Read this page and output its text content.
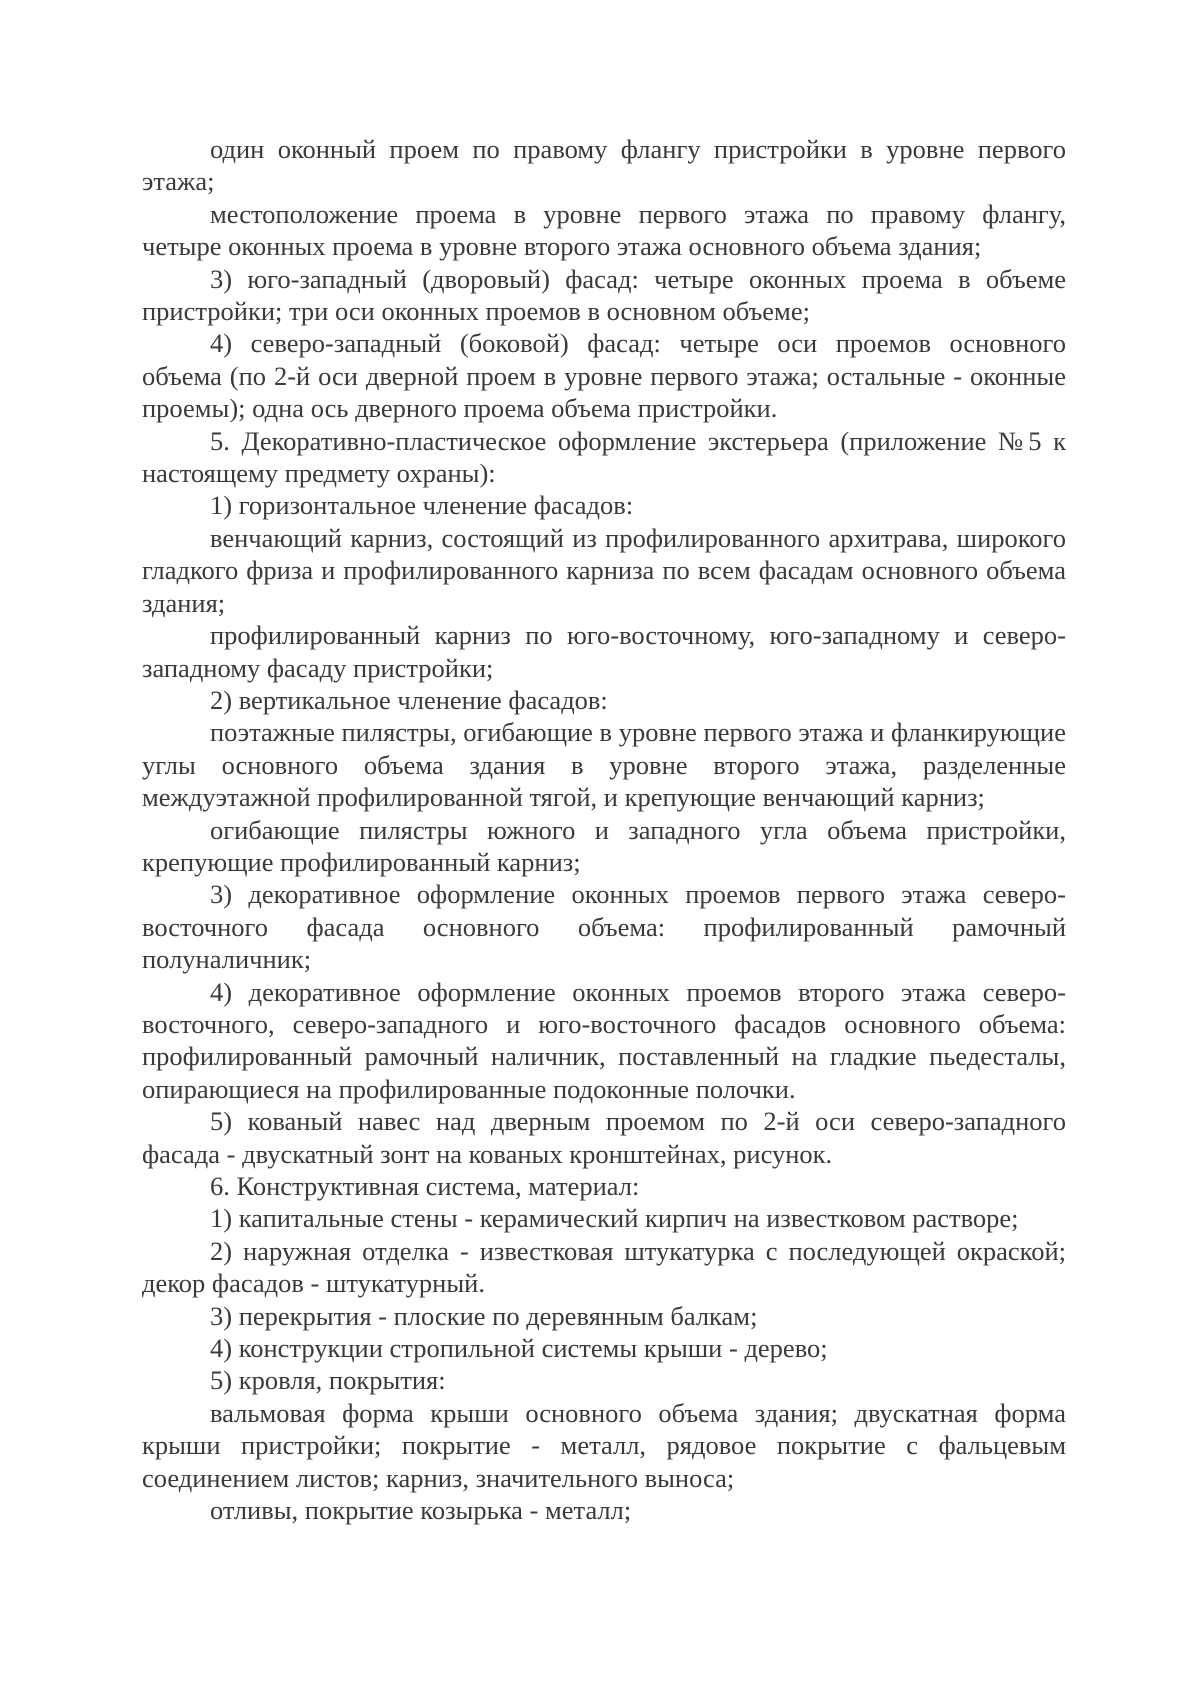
один оконный проем по правому флангу пристройки в уровне первого этажа;

местоположение проема в уровне первого этажа по правому флангу, четыре оконных проема в уровне второго этажа основного объема здания;

3) юго-западный (дворовый) фасад: четыре оконных проема в объеме пристройки; три оси оконных проемов в основном объеме;

4) северо-западный (боковой) фасад: четыре оси проемов основного объема (по 2-й оси дверной проем в уровне первого этажа; остальные - оконные проемы); одна ось дверного проема объема пристройки.

5. Декоративно-пластическое оформление экстерьера (приложение №5 к настоящему предмету охраны):

1) горизонтальное членение фасадов:

венчающий карниз, состоящий из профилированного архитрава, широкого гладкого фриза и профилированного карниза по всем фасадам основного объема здания;

профилированный карниз по юго-восточному, юго-западному и северо-западному фасаду пристройки;

2) вертикальное членение фасадов:

поэтажные пилястры, огибающие в уровне первого этажа и фланкирующие углы основного объема здания в уровне второго этажа, разделенные междуэтажной профилированной тягой, и крепующие венчающий карниз;

огибающие пилястры южного и западного угла объема пристройки, крепующие профилированный карниз;

3) декоративное оформление оконных проемов первого этажа северо-восточного фасада основного объема: профилированный рамочный полуналичник;

4) декоративное оформление оконных проемов второго этажа северо-восточного, северо-западного и юго-восточного фасадов основного объема: профилированный рамочный наличник, поставленный на гладкие пьедесталы, опирающиеся на профилированные подоконные полочки.

5) кованый навес над дверным проемом по 2-й оси северо-западного фасада - двускатный зонт на кованых кронштейнах, рисунок.

6. Конструктивная система, материал:

1) капитальные стены - керамический кирпич на известковом растворе;

2) наружная отделка - известковая штукатурка с последующей окраской; декор фасадов - штукатурный.

3) перекрытия - плоские по деревянным балкам;

4) конструкции стропильной системы крыши - дерево;

5) кровля, покрытия:

вальмовая форма крыши основного объема здания; двускатная форма крыши пристройки; покрытие - металл, рядовое покрытие с фальцевым соединением листов; карниз, значительного выноса;

отливы, покрытие козырька - металл;
